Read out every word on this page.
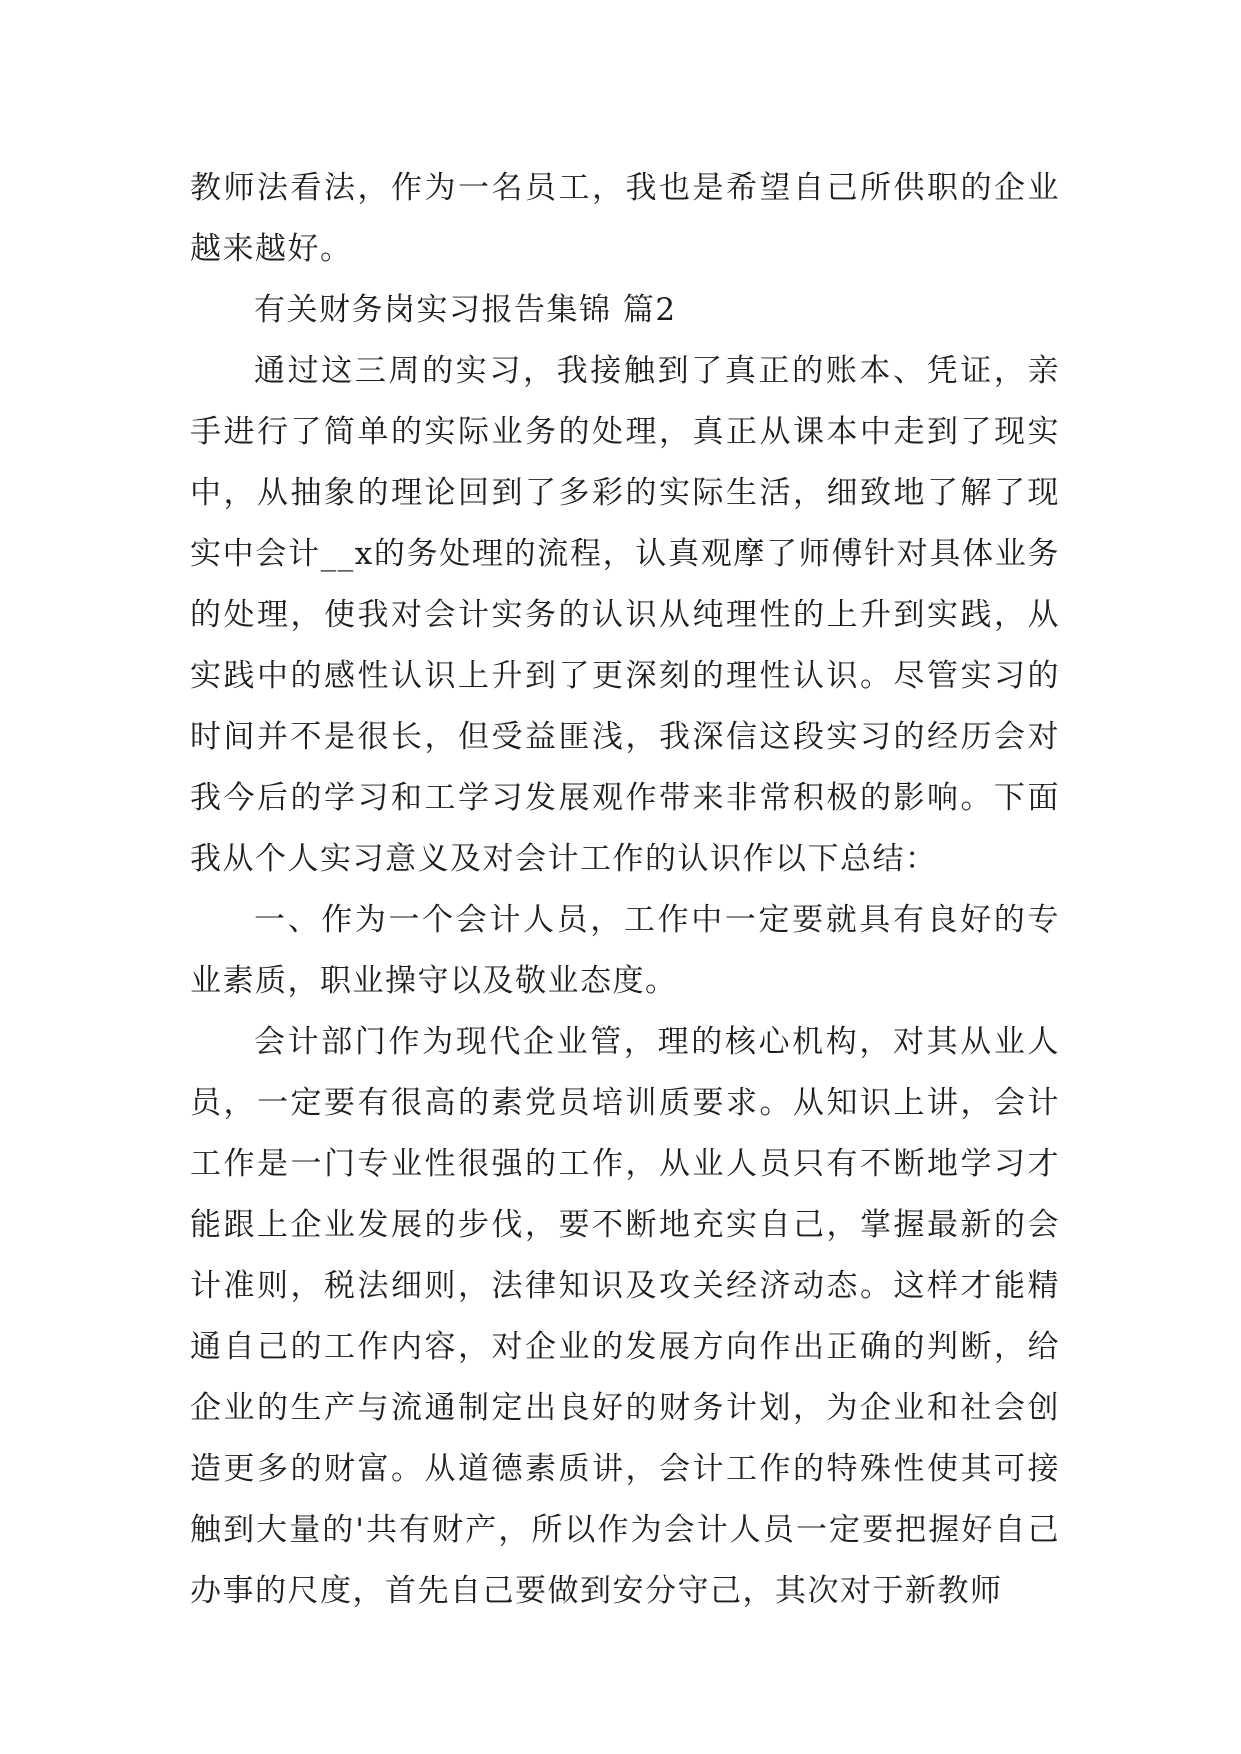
教师法看法，作为一名员工，我也是希望自己所供职的企业越来越好。

有关财务岗实习报告集锦 篇2

通过这三周的实习，我接触到了真正的账本、凭证，亲手进行了简单的实际业务的处理，真正从课本中走到了现实中，从抽象的理论回到了多彩的实际生活，细致地了解了现实中会计__x的务处理的流程，认真观摩了师傅针对具体业务的处理，使我对会计实务的认识从纯理性的上升到实践，从实践中的感性认识上升到了更深刻的理性认识。尽管实习的时间并不是很长，但受益匪浅，我深信这段实习的经历会对我今后的学习和工学习发展观作带来非常积极的影响。下面我从个人实习意义及对会计工作的认识作以下总结：

一、作为一个会计人员，工作中一定要就具有良好的专业素质，职业操守以及敬业态度。

会计部门作为现代企业管，理的核心机构，对其从业人员，一定要有很高的素党员培训质要求。从知识上讲，会计工作是一门专业性很强的工作，从业人员只有不断地学习才能跟上企业发展的步伐，要不断地充实自己，掌握最新的会计准则，税法细则，法律知识及攻关经济动态。这样才能精通自己的工作内容，对企业的发展方向作出正确的判断，给企业的生产与流通制定出良好的财务计划，为企业和社会创造更多的财富。从道德素质讲，会计工作的特殊性使其可接触到大量的'共有财产，所以作为会计人员一定要把握好自己办事的尺度，首先自己要做到安分守己，其次对于新教师
